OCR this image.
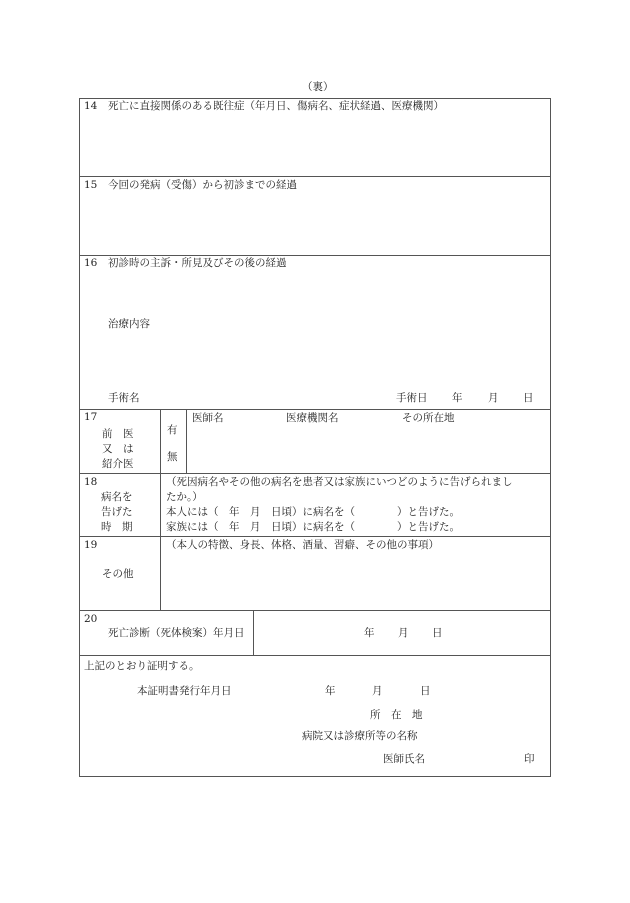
（裏）
14 死亡に直接関係のある既往症（年月日、傷病名、症状経過、医療機関）
15 今回の発病（受傷）から初診までの経過
16 初診時の主訴・所見及びその後の経過
治療内容
手術名	手術日 年 月 日
17
前　医
又　は
紹介医
有
無
医師名	医療機関名	その所在地
18
病名を
告げた
時　期
（死因病名やその他の病名を患者又は家族にいつどのように告げられまし
たか。）
本人には（　年　月　日頃）に病名を（　　　　）と告げた。
家族には（　年　月　日頃）に病名を（　　　　）と告げた。
19
その他
（本人の特徴、身長、体格、酒量、習癖、その他の事項）
20
死亡診断（死体検案）年月日	年 月 日
上記のとおり証明する。
本証明書発行年月日	年	月	日
所　在　地
病院又は診療所等の名称
医師氏名	印
